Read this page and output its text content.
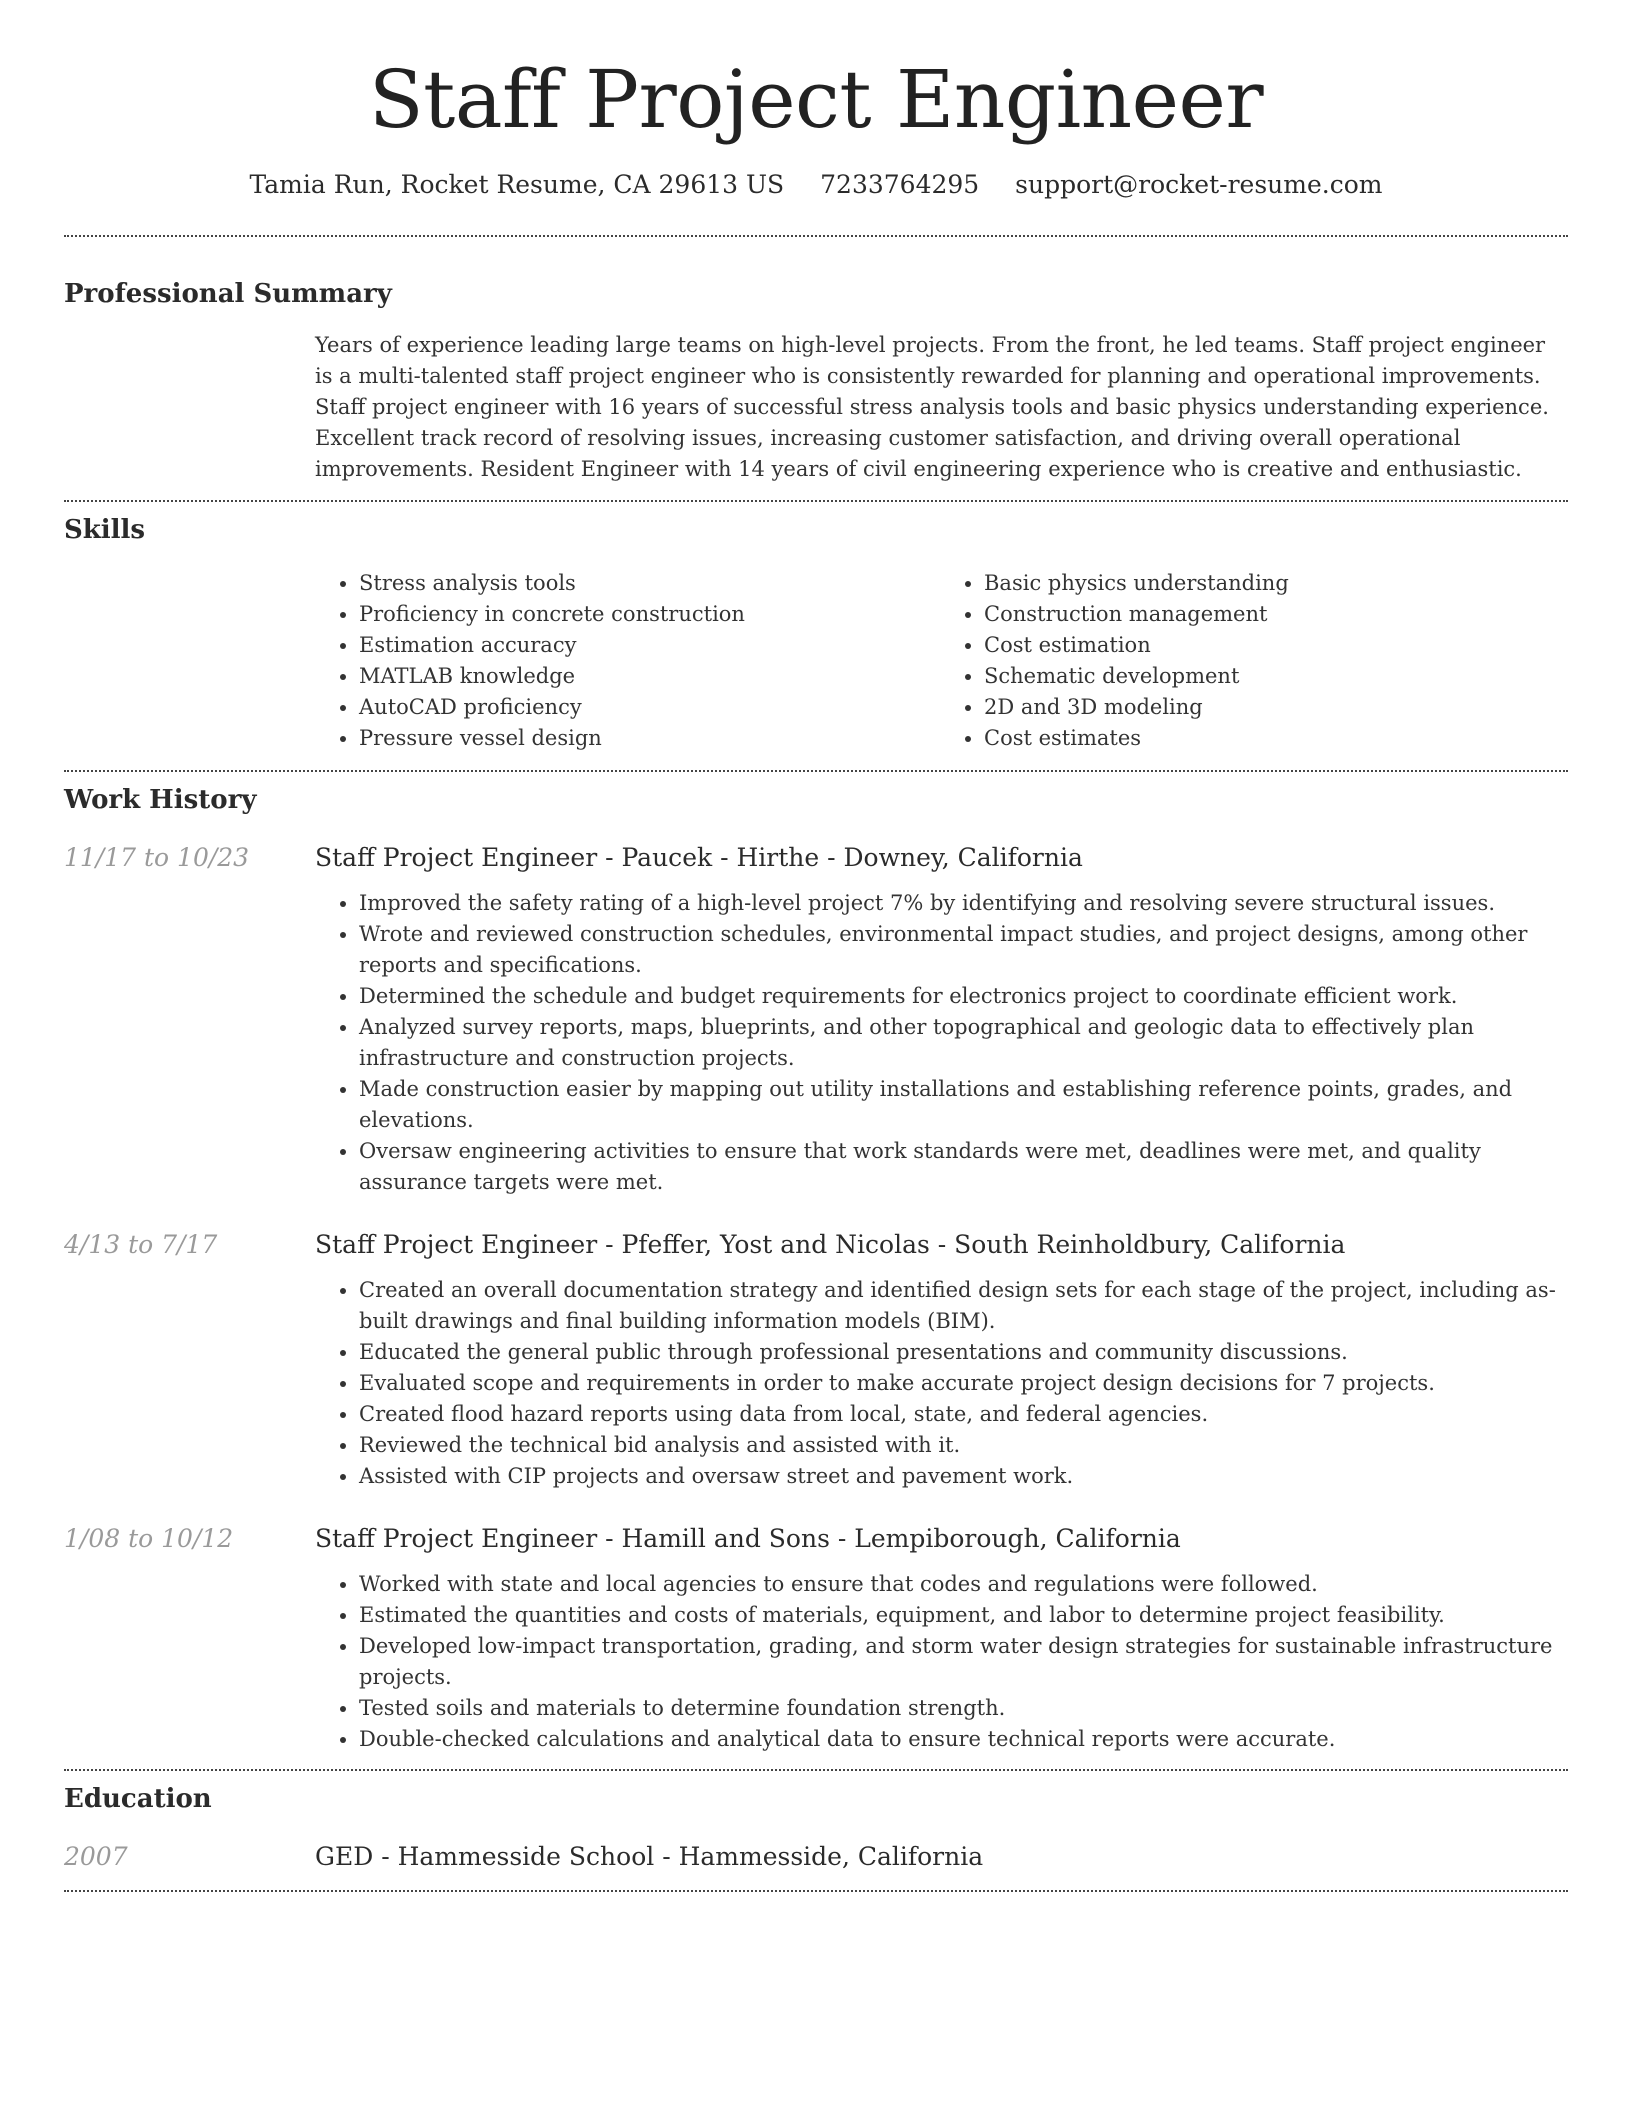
Staff Project Engineer
Tamia Run, Rocket Resume, CA 29613 US 7233764295 support@rocket-resume.com
Professional Summary

Years of experience leading large teams on high-level projects. From the front, he led teams. Staff project engineer is a multi-talented staff project engineer who is consistently rewarded for planning and operational improvements. Staff project engineer with 16 years of successful stress analysis tools and basic physics understanding experience. Excellent track record of resolving issues, increasing customer satisfaction, and driving overall operational improvements. Resident Engineer with 14 years of civil engineering experience who is creative and enthusiastic.

Skills
• Stress analysis tools
• Proficiency in concrete construction
• Estimation accuracy
• MATLAB knowledge
• AutoCAD proficiency
• Pressure vessel design
• Basic physics understanding
• Construction management
• Cost estimation
• Schematic development
• 2D and 3D modeling
• Cost estimates
Work History
11/17 to 10/23	Staff Project Engineer - Paucek - Hirthe - Downey, California
• Improved the safety rating of a high-level project 7% by identifying and resolving severe structural issues.
• Wrote and reviewed construction schedules, environmental impact studies, and project designs, among other reports and specifications.
• Determined the schedule and budget requirements for electronics project to coordinate efficient work.
• Analyzed survey reports, maps, blueprints, and other topographical and geologic data to effectively plan infrastructure and construction projects.
• Made construction easier by mapping out utility installations and establishing reference points, grades, and elevations.
• Oversaw engineering activities to ensure that work standards were met, deadlines were met, and quality assurance targets were met.
4/13 to 7/17	Staff Project Engineer - Pfeffer, Yost and Nicolas - South Reinholdbury, California
• Created an overall documentation strategy and identified design sets for each stage of the project, including as-built drawings and final building information models (BIM).
• Educated the general public through professional presentations and community discussions.
• Evaluated scope and requirements in order to make accurate project design decisions for 7 projects.
• Created flood hazard reports using data from local, state, and federal agencies.
• Reviewed the technical bid analysis and assisted with it.
• Assisted with CIP projects and oversaw street and pavement work.
1/08 to 10/12	Staff Project Engineer - Hamill and Sons - Lempiborough, California
• Worked with state and local agencies to ensure that codes and regulations were followed.
• Estimated the quantities and costs of materials, equipment, and labor to determine project feasibility.
• Developed low-impact transportation, grading, and storm water design strategies for sustainable infrastructure projects.
• Tested soils and materials to determine foundation strength.
• Double-checked calculations and analytical data to ensure technical reports were accurate.
Education
2007	GED - Hammesside School - Hammesside, California
